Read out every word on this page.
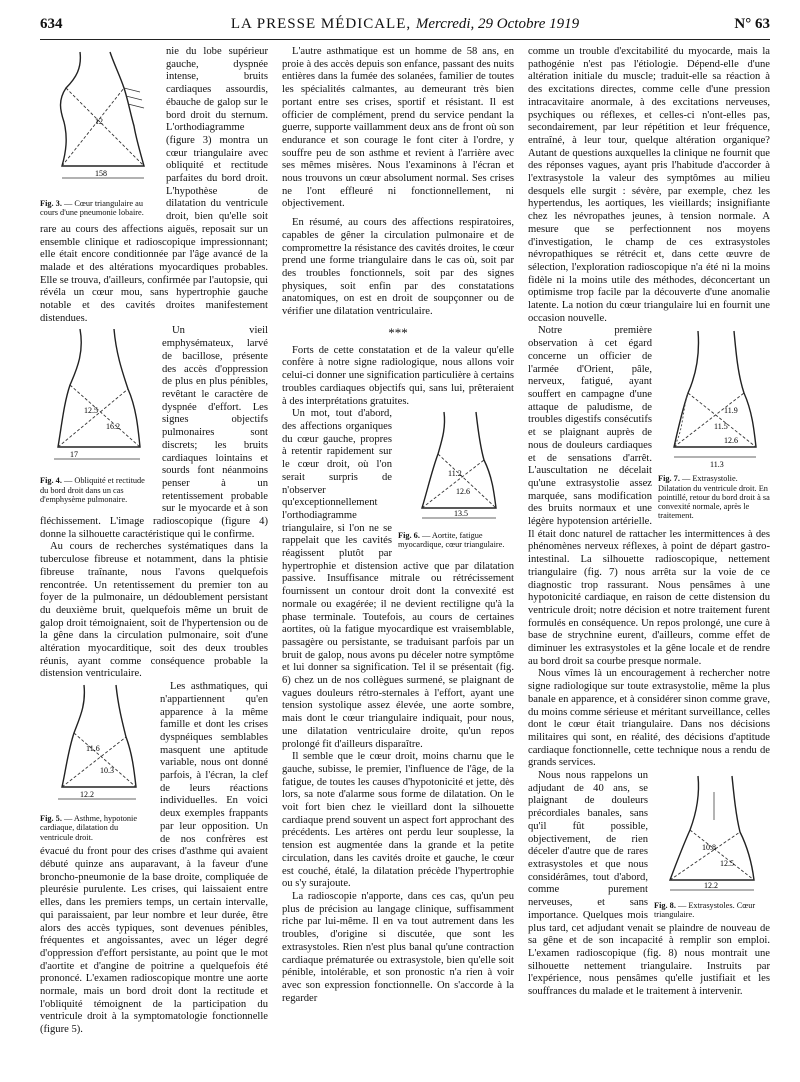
634	LA PRESSE MÉDICALE, Mercredi, 29 Octobre 1919	N° 63
12
158
Fig. 3. — Cœur triangulaire au cours d'une pneumonie lobaire.

nie du lobe supérieur gauche, dyspnée intense, bruits cardiaques assourdis, ébauche de galop sur le bord droit du sternum. L'orthodiagramme (figure 3) montra un cœur triangulaire avec obliquité et rectitude parfaites du bord droit. L'hypothèse de dilatation du ventricule droit, bien qu'elle soit rare au cours des affections aiguës, reposait sur un ensemble clinique et radioscopique impressionnant; elle était encore conditionnée par l'âge avancé de la malade et des altérations myocardiques probables. Elle se trouva, d'ailleurs, confirmée par l'autopsie, qui révéla un cœur mou, sans hypertrophie gauche notable et des cavités droites manifestement distendues.

12.5
16.2
17
Fig. 4. — Obliquité et rectitude du bord droit dans un cas d'emphysème pulmonaire.

Un vieil emphysémateux, larvé de bacillose, présente des accès d'oppression de plus en plus pénibles, revêtant le caractère de dyspnée d'effort. Les signes objectifs pulmonaires sont discrets; les bruits cardiaques lointains et sourds font néanmoins penser à un retentissement probable sur le myocarde et à son fléchissement. L'image radioscopique (figure 4) donne la silhouette caractéristique qui le confirme.

Au cours de recherches systématiques dans la tuberculose fibreuse et notamment, dans la phtisie fibreuse traînante, nous l'avons quelquefois rencontrée. Un retentissement du premier ton au foyer de la pulmonaire, un dédoublement persistant du deuxième bruit, quelquefois même un bruit de galop droit témoignaient, soit de l'hypertension ou de la gêne dans la circulation pulmonaire, soit d'une altération myocarditique, soit des deux troubles réunis, ayant comme conséquence probable la distension ventriculaire.

11.6
10.3
12.2
Fig. 5. — Asthme, hypotonie cardiaque, dilatation du ventricule droit.

Les asthmatiques, qui n'appartiennent qu'en apparence à la même famille et dont les crises dyspnéiques semblables masquent une aptitude variable, nous ont donné parfois, à l'écran, la clef de leurs réactions individuelles. En voici deux exemples frappants par leur opposition. Un de nos confrères est évacué du front pour des crises d'asthme qui avaient débuté quinze ans auparavant, à la faveur d'une broncho-pneumonie de la base droite, compliquée de pleurésie purulente. Les crises, qui laissaient entre elles, dans les premiers temps, un certain intervalle, qui paraissaient, par leur nombre et leur durée, être alors des accès typiques, sont devenues pénibles, fréquentes et angoissantes, avec un léger degré d'oppression d'effort persistante, au point que le mot d'aortite et d'angine de poitrine a quelquefois été prononcé. L'examen radioscopique montre une aorte normale, mais un bord droit dont la rectitude et l'obliquité témoignent de la participation du ventricule droit à la symptomatologie fonctionnelle (figure 5).

L'autre asthmatique est un homme de 58 ans, en proie à des accès depuis son enfance, passant des nuits entières dans la fumée des solanées, familier de toutes les spécialités calmantes, au demeurant très bien portant entre ses crises, sportif et résistant. Il est officier de complément, prend du service pendant la guerre, supporte vaillamment deux ans de front où son endurance et son courage le font citer à l'ordre, y souffre peu de son asthme et revient à l'arrière avec ses mêmes misères. Nous l'examinons à l'écran et nous trouvons un cœur absolument normal. Ses crises ne l'ont effleuré ni fonctionnellement, ni objectivement.

En résumé, au cours des affections respiratoires, capables de gêner la circulation pulmonaire et de compromettre la résistance des cavités droites, le cœur prend une forme triangulaire dans le cas où, soit par des troubles fonctionnels, soit par des signes physiques, soit enfin par des constatations anatomiques, on est en droit de soupçonner ou de vérifier une dilatation ventriculaire.

***

Forts de cette constatation et de la valeur qu'elle confère à notre signe radiologique, nous allons voir celui-ci donner une signification particulière à certains troubles cardiaques objectifs qui, sans lui, prêteraient à des interprétations gratuites.

11.2
12.6
13.5
Fig. 6. — Aortite, fatigue myocardique, cœur triangulaire.

Un mot, tout d'abord, des affections organiques du cœur gauche, propres à retentir rapidement sur le cœur droit, où l'on serait surpris de n'observer qu'exceptionnellement l'orthodiagramme triangulaire, si l'on ne se rappelait que les cavités réagissent plutôt par hypertrophie et distension active que par dilatation passive. Insuffisance mitrale ou rétrécissement fournissent un contour droit dont la convexité est normale ou exagérée; il ne devient rectiligne qu'à la phase terminale. Toutefois, au cours de certaines aortites, où la fatigue myocardique est vraisemblable, passagère ou persistante, se traduisant parfois par un bruit de galop, nous avons pu déceler notre symptôme et lui donner sa signification. Tel il se présentait (fig. 6) chez un de nos collègues surmené, se plaignant de vagues douleurs rétro-sternales à l'effort, ayant une tension systolique assez élevée, une aorte sombre, mais dont le cœur triangulaire indiquait, pour nous, une dilatation ventriculaire droite, qu'un repos prolongé fit d'ailleurs disparaître.

Il semble que le cœur droit, moins charnu que le gauche, subisse, le premier, l'influence de l'âge, de la fatigue, de toutes les causes d'hypotonicité et jette, dès lors, sa note d'alarme sous forme de dilatation. On le voit fort bien chez le vieillard dont la silhouette cardiaque prend souvent un aspect fort approchant des précédents. Les artères ont perdu leur souplesse, la tension est augmentée dans la grande et la petite circulation, dans les cavités droite et gauche, le cœur est couché, étalé, la dilatation précède l'hypertrophie ou s'y surajoute.

La radioscopie n'apporte, dans ces cas, qu'un peu plus de précision au langage clinique, suffisamment riche par lui-même. Il en va tout autrement dans les troubles, d'origine si discutée, que sont les extrasystoles. Rien n'est plus banal qu'une contraction cardiaque prématurée ou extrasystole, bien qu'elle soit pénible, intolérable, et son pronostic n'a rien à voir avec son expression fonctionnelle. On s'accorde à la regarder

comme un trouble d'excitabilité du myocarde, mais la pathogénie n'est pas l'étiologie. Dépend-elle d'une altération initiale du muscle; traduit-elle sa réaction à des excitations directes, comme celle d'une pression intracavitaire anormale, à des excitations nerveuses, psychiques ou réflexes, et celles-ci n'ont-elles pas, secondairement, par leur répétition et leur fréquence, entraîné, à leur tour, quelque altération organique? Autant de questions auxquelles la clinique ne fournit que des réponses vagues, ayant pris l'habitude d'accorder à l'extrasystole la valeur des symptômes au milieu desquels elle surgit : sévère, par exemple, chez les hypertendus, les aortiques, les vieillards; insignifiante chez les névropathes jeunes, à tension normale. A mesure que se perfectionnent nos moyens d'investigation, le champ de ces extrasystoles névropathiques se rétrécit et, dans cette œuvre de sélection, l'exploration radioscopique n'a été ni la moins fidèle ni la moins utile des méthodes, déconcertant un optimisme trop facile par la découverte d'une anomalie latente. La notion du cœur triangulaire lui en fournit une occasion nouvelle.

11.9
11.5
12.6
11.3
Fig. 7. — Extrasystolie. Dilatation du ventricule droit. En pointillé, retour du bord droit à sa convexité normale, après le traitement.

Notre première observation à cet égard concerne un officier de l'armée d'Orient, pâle, nerveux, fatigué, ayant souffert en campagne d'une attaque de paludisme, de troubles digestifs consécutifs et se plaignant auprès de nous de douleurs cardiaques et de sensations d'arrêt. L'auscultation ne décelait qu'une extrasystolie assez marquée, sans modification des bruits normaux et une légère hypotension artérielle. Il était donc naturel de rattacher les intermittences à des phénomènes nerveux réflexes, à point de départ gastro-intestinal. La silhouette radioscopique, nettement triangulaire (fig. 7) nous arrêta sur la voie de ce diagnostic trop rassurant. Nous pensâmes à une hypotonicité cardiaque, en raison de cette distension du ventricule droit; notre décision et notre traitement furent formulés en conséquence. Un repos prolongé, une cure à base de strychnine eurent, d'ailleurs, comme effet de diminuer les extrasystoles et la gêne locale et de rendre au bord droit sa courbe presque normale.

Nous vîmes là un encouragement à rechercher notre signe radiologique sur toute extrasystolie, même la plus banale en apparence, et à considérer sinon comme grave, du moins comme sérieuse et méritant surveillance, celles dont le cœur était triangulaire. Dans nos décisions militaires qui sont, en réalité, des décisions d'aptitude cardiaque fonctionnelle, cette technique nous a rendu de grands services.

10.8
12.5
12.2
Fig. 8. — Extrasystoles. Cœur triangulaire.

Nous nous rappelons un adjudant de 40 ans, se plaignant de douleurs précordiales banales, sans qu'il fût possible, objectivement, de rien déceler d'autre que de rares extrasystoles et que nous considérâmes, tout d'abord, comme purement nerveuses, et sans importance. Quelques mois plus tard, cet adjudant venait se plaindre de nouveau de sa gêne et de son incapacité à remplir son emploi. L'examen radioscopique (fig. 8) nous montrait une silhouette nettement triangulaire. Instruits par l'expérience, nous pensâmes qu'elle justifiait et les souffrances du malade et le traitement à intervenir.
